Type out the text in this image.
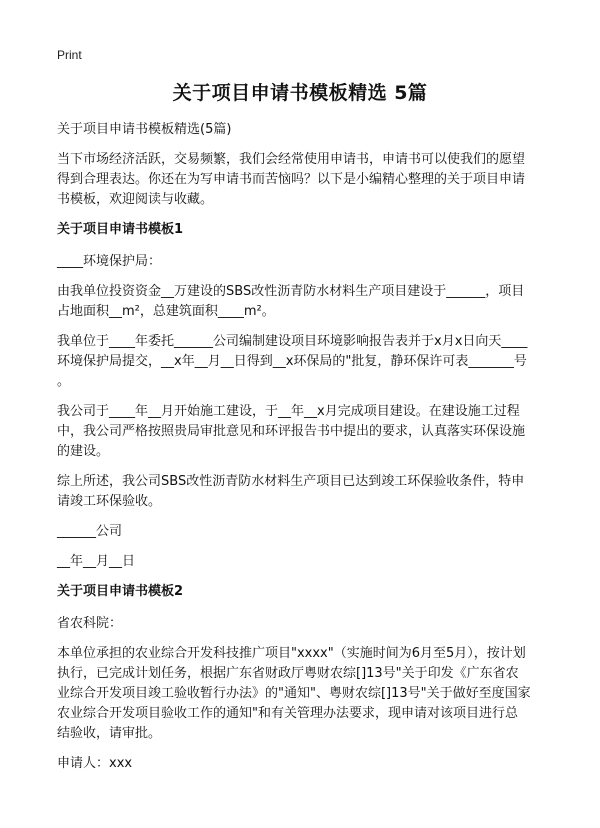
Print
关于项目申请书模板精选 5篇

关于项目申请书模板精选(5篇)

当下市场经济活跃，交易频繁，我们会经常使用申请书，申请书可以使我们的愿望
得到合理表达。你还在为写申请书而苦恼吗？以下是小编精心整理的关于项目申请
书模板，欢迎阅读与收藏。

关于项目申请书模板1

____环境保护局：

由我单位投资资金__万建设的SBS改性沥青防水材料生产项目建设于______，项目
占地面积__m²，总建筑面积____m²。

我单位于____年委托______公司编制建设项目环境影响报告表并于x月x日向天____
环境保护局提交，__x年__月__日得到__x环保局的"批复，静环保许可表_______号
。

我公司于____年__月开始施工建设，于__年__x月完成项目建设。在建设施工过程
中，我公司严格按照贵局审批意见和环评报告书中提出的要求，认真落实环保设施
的建设。

综上所述，我公司SBS改性沥青防水材料生产项目已达到竣工环保验收条件，特申
请竣工环保验收。

______公司

__年__月__日

关于项目申请书模板2

省农科院：

本单位承担的农业综合开发科技推广项目"xxxx"（实施时间为6月至5月），按计划
执行，已完成计划任务，根据广东省财政厅粤财农综[]13号"关于印发《广东省农
业综合开发项目竣工验收暂行办法》的"通知"、粤财农综[]13号"关于做好至度国家
农业综合开发项目验收工作的通知"和有关管理办法要求，现申请对该项目进行总
结验收，请审批。

申请人：xxx
